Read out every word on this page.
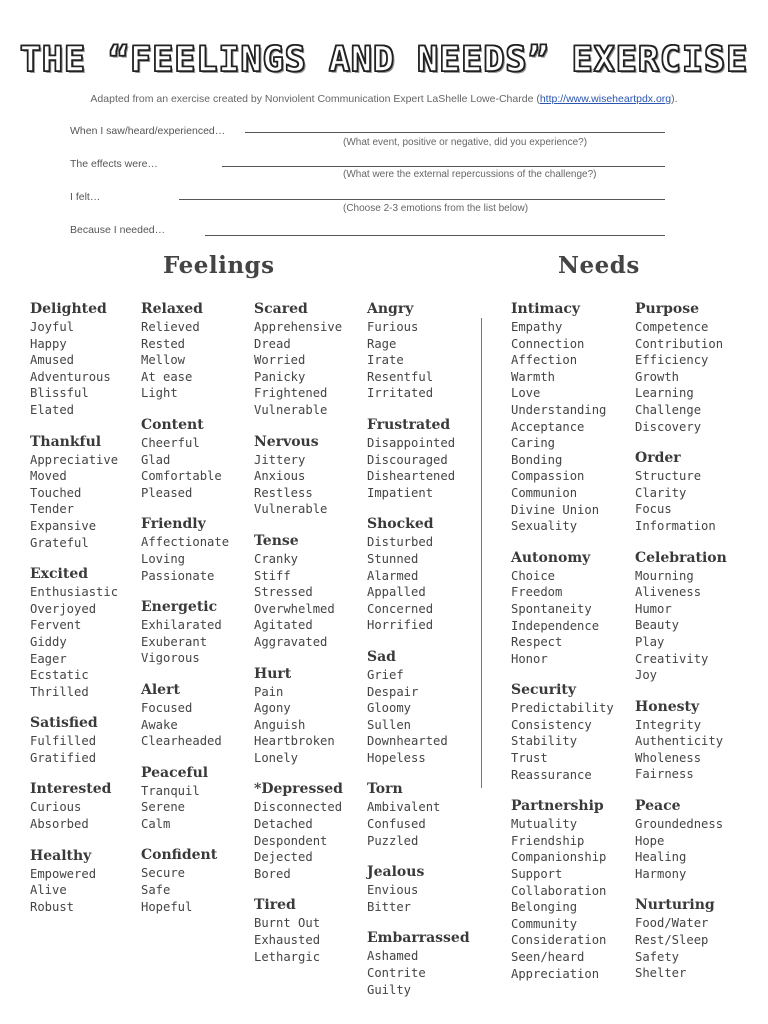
THE “FEELINGS AND NEEDS” EXERCISE
Adapted from an exercise created by Nonviolent Communication Expert LaShelle Lowe-Charde (http://www.wiseheartpdx.org).
When I saw/heard/experienced…
(What event, positive or negative, did you experience?)
The effects were…
(What were the external repercussions of the challenge?)
I felt…
(Choose 2-3 emotions from the list below)
Because I needed…
Feelings	Needs
Delighted
Joyful
Happy
Amused
Adventurous
Blissful
Elated
Thankful
Appreciative
Moved
Touched
Tender
Expansive
Grateful
Excited
Enthusiastic
Overjoyed
Fervent
Giddy
Eager
Ecstatic
Thrilled
Satisfied
Fulfilled
Gratified
Interested
Curious
Absorbed
Healthy
Empowered
Alive
Robust
Relaxed
Relieved
Rested
Mellow
At ease
Light
Content
Cheerful
Glad
Comfortable
Pleased
Friendly
Affectionate
Loving
Passionate
Energetic
Exhilarated
Exuberant
Vigorous
Alert
Focused
Awake
Clearheaded
Peaceful
Tranquil
Serene
Calm
Confident
Secure
Safe
Hopeful
Scared
Apprehensive
Dread
Worried
Panicky
Frightened
Vulnerable
Nervous
Jittery
Anxious
Restless
Vulnerable
Tense
Cranky
Stiff
Stressed
Overwhelmed
Agitated
Aggravated
Hurt
Pain
Agony
Anguish
Heartbroken
Lonely
*Depressed
Disconnected
Detached
Despondent
Dejected
Bored
Tired
Burnt Out
Exhausted
Lethargic
Angry
Furious
Rage
Irate
Resentful
Irritated
Frustrated
Disappointed
Discouraged
Disheartened
Impatient
Shocked
Disturbed
Stunned
Alarmed
Appalled
Concerned
Horrified
Sad
Grief
Despair
Gloomy
Sullen
Downhearted
Hopeless
Torn
Ambivalent
Confused
Puzzled
Jealous
Envious
Bitter
Embarrassed
Ashamed
Contrite
Guilty
Intimacy
Empathy
Connection
Affection
Warmth
Love
Understanding
Acceptance
Caring
Bonding
Compassion
Communion
Divine Union
Sexuality
Autonomy
Choice
Freedom
Spontaneity
Independence
Respect
Honor
Security
Predictability
Consistency
Stability
Trust
Reassurance
Partnership
Mutuality
Friendship
Companionship
Support
Collaboration
Belonging
Community
Consideration
Seen/heard
Appreciation
Purpose
Competence
Contribution
Efficiency
Growth
Learning
Challenge
Discovery
Order
Structure
Clarity
Focus
Information
Celebration
Mourning
Aliveness
Humor
Beauty
Play
Creativity
Joy
Honesty
Integrity
Authenticity
Wholeness
Fairness
Peace
Groundedness
Hope
Healing
Harmony
Nurturing
Food/Water
Rest/Sleep
Safety
Shelter
